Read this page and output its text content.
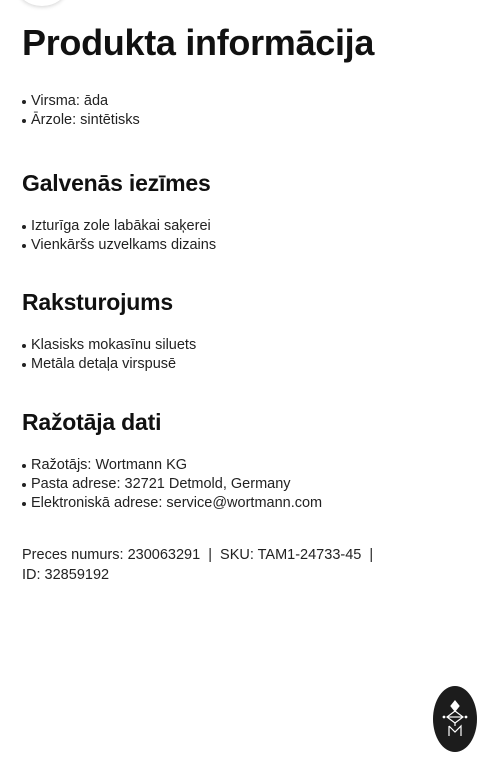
Produkta informācija
Virsma: āda
Ārzole: sintētisks
Galvenās iezīmes
Izturīga zole labākai saķerei
Vienkāršs uzvelkams dizains
Raksturojums
Klasisks mokasīnu siluets
Metāla detaļa virspusē
Ražotāja dati
Ražotājs: Wortmann KG
Pasta adrese: 32721 Detmold, Germany
Elektroniskā adrese: service@wortmann.com
Preces numurs: 230063291  |  SKU: TAM1-24733-45  |
ID: 32859192
